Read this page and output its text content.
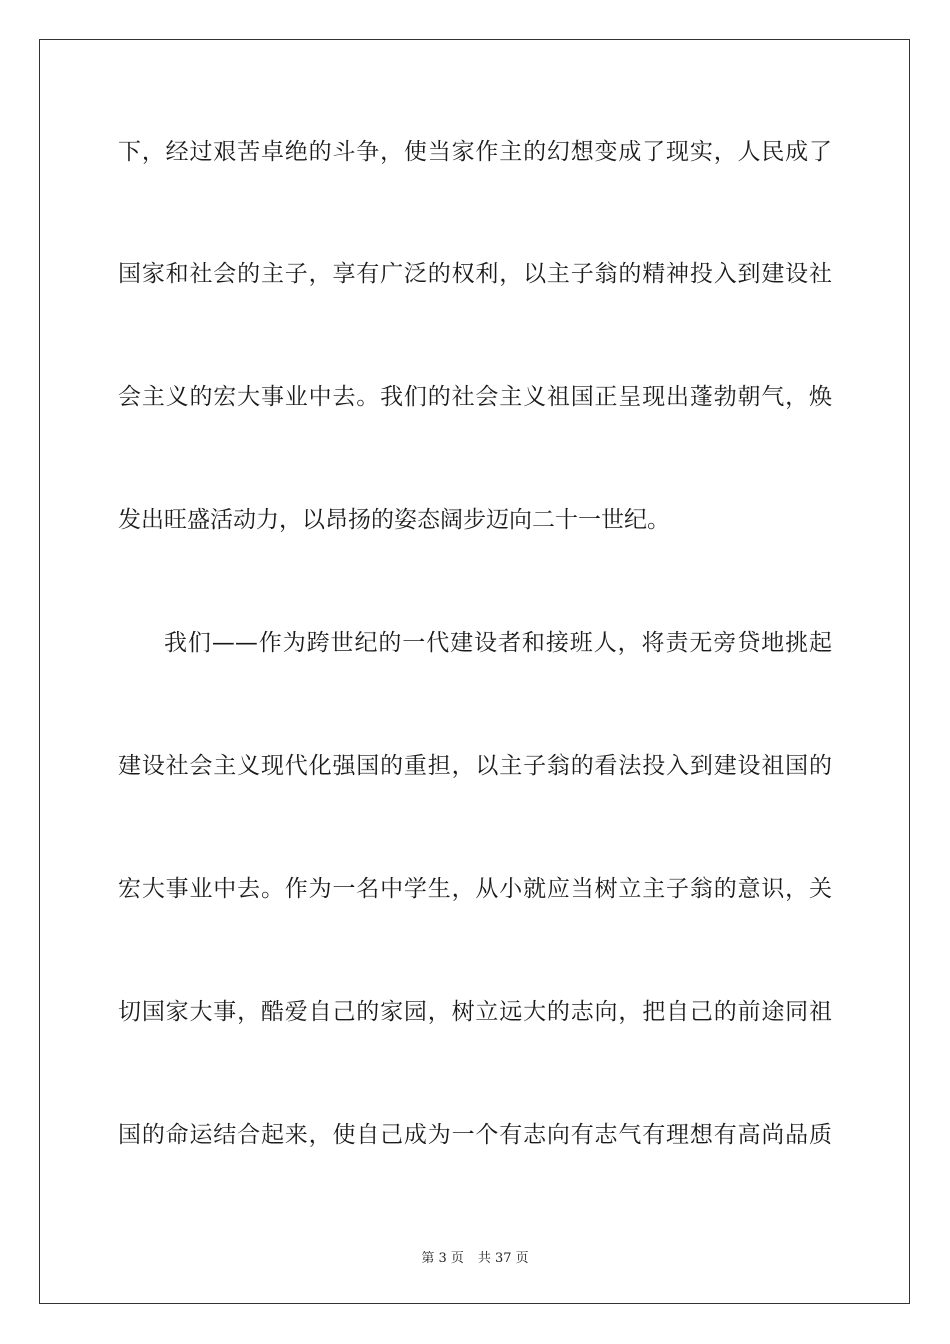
下，经过艰苦卓绝的斗争，使当家作主的幻想变成了现实，人民成了
国家和社会的主子，享有广泛的权利，以主子翁的精神投入到建设社
会主义的宏大事业中去。我们的社会主义祖国正呈现出蓬勃朝气，焕
发出旺盛活动力，以昂扬的姿态阔步迈向二十一世纪。
我们——作为跨世纪的一代建设者和接班人，将责无旁贷地挑起
建设社会主义现代化强国的重担，以主子翁的看法投入到建设祖国的
宏大事业中去。作为一名中学生，从小就应当树立主子翁的意识，关
切国家大事，酷爱自己的家园，树立远大的志向，把自己的前途同祖
国的命运结合起来，使自己成为一个有志向有志气有理想有高尚品质
第 3 页 共 37 页
